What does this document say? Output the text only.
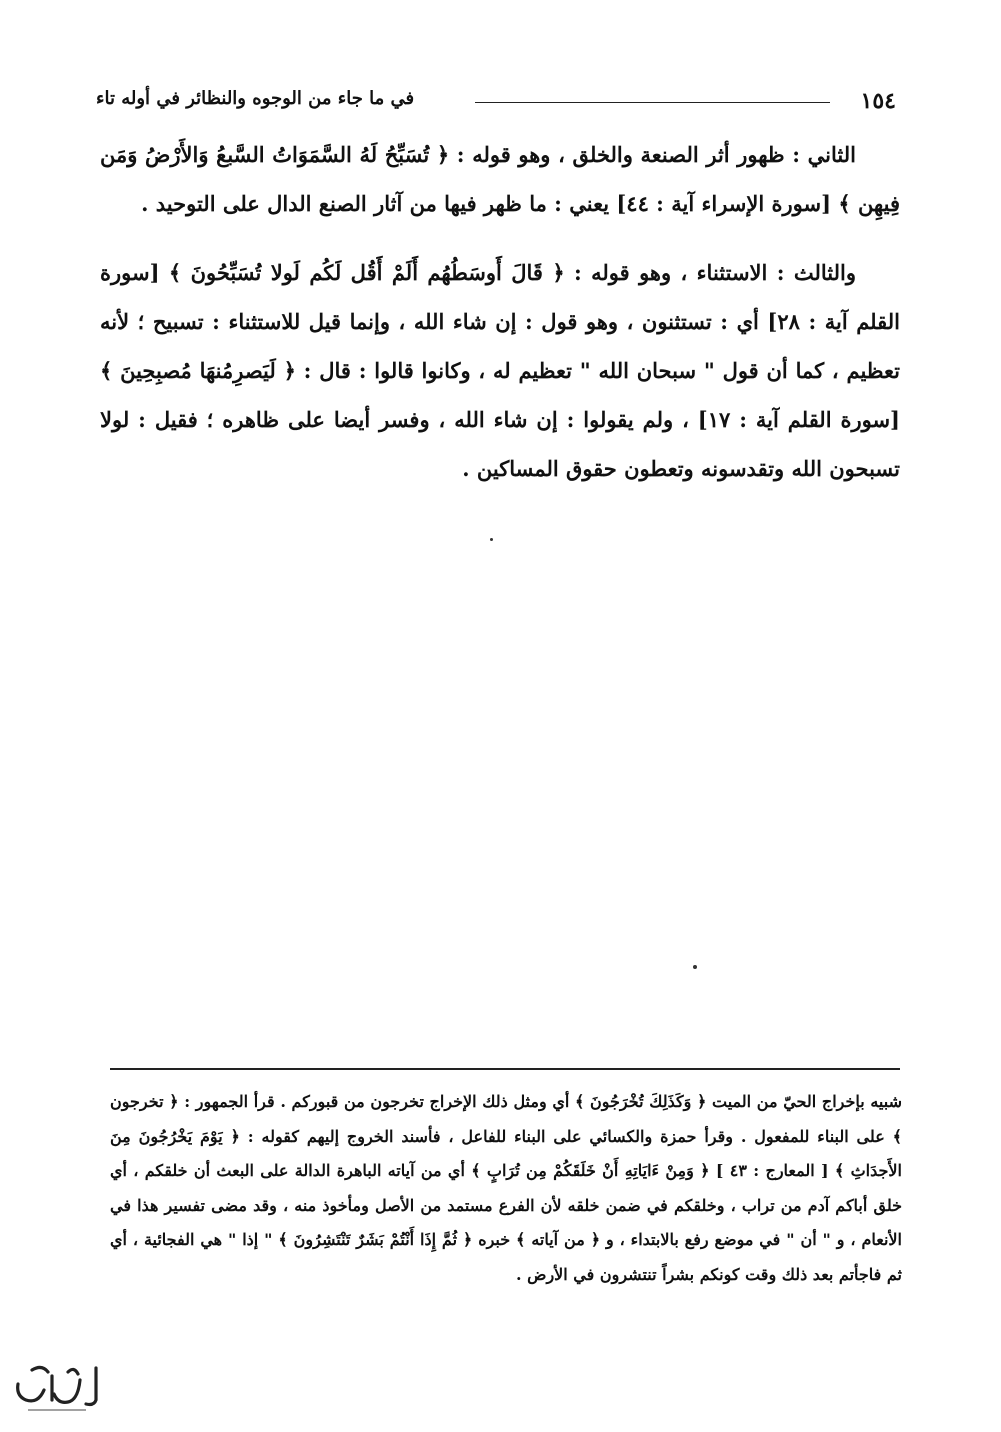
١٥٤
في ما جاء من الوجوه والنظائر في أوله تاء

الثاني : ظهور أثر الصنعة والخلق ، وهو قوله : ﴿ تُسَبِّحُ لَهُ السَّمَوَاتُ السَّبعُ وَالأَرْضُ وَمَن فِيهِن ﴾ [سورة الإسراء آية : ٤٤] يعني : ما ظهر فيها من آثار الصنع الدال على التوحيد .

والثالث : الاستثناء ، وهو قوله : ﴿ قَالَ أَوسَطُهُم أَلَمْ أَقُل لَكُم لَولا تُسَبِّحُونَ ﴾ [سورة القلم آية : ٢٨] أي : تستثنون ، وهو قول : إن شاء الله ، وإنما قيل للاستثناء : تسبيح ؛ لأنه تعظيم ، كما أن قول " سبحان الله " تعظيم له ، وكانوا قالوا : قال : ﴿ لَيَصرِمُنهَا مُصبِحِينَ ﴾ [سورة القلم آية : ١٧] ، ولم يقولوا : إن شاء الله ، وفسر أيضا على ظاهره ؛ فقيل : لولا تسبحون الله وتقدسونه وتعطون حقوق المساكين .

شبيه بإخراج الحيّ من الميت ﴿ وَكَذَلِكَ تُخْرَجُونَ ﴾ أي ومثل ذلك الإخراج تخرجون من قبوركم . قرأ الجمهور : ﴿ تخرجون ﴾ على البناء للمفعول . وقرأ حمزة والكسائي على البناء للفاعل ، فأسند الخروج إليهم كقوله : ﴿ يَوْمَ يَخْرُجُونَ مِنَ الأَجدَاثِ ﴾ [ المعارج : ٤٣ ] ﴿ وَمِنْ ءَايَاتِهِ أَنْ خَلَقَكُمْ مِن تُرَابٍ ﴾ أي من آياته الباهرة الدالة على البعث أن خلقكم ، أي خلق أباكم آدم من تراب ، وخلقكم في ضمن خلقه لأن الفرع مستمد من الأصل ومأخوذ منه ، وقد مضى تفسير هذا في الأنعام ، و " أن " في موضع رفع بالابتداء ، و ﴿ من آياته ﴾ خبره ﴿ ثُمَّ إِذَا أَنْتُمْ بَشَرٌ تَنْتَشِرُونَ ﴾ " إذا " هي الفجائية ، أي ثم فاجأتم بعد ذلك وقت كونكم بشراً تنتشرون في الأرض .
